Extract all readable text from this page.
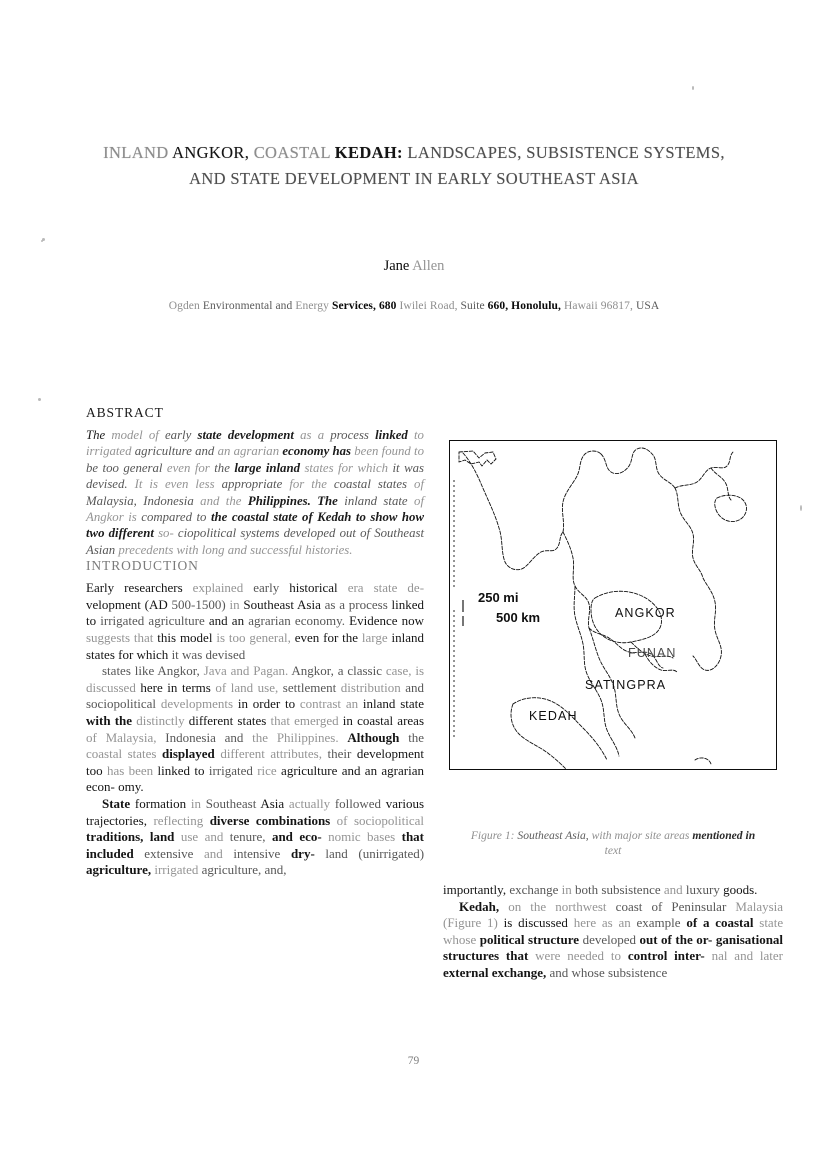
INLAND ANGKOR, COASTAL KEDAH: LANDSCAPES, SUBSISTENCE SYSTEMS,
AND STATE DEVELOPMENT IN EARLY SOUTHEAST ASIA
Jane Allen
Ogden Environmental and Energy Services, 680 Iwilei Road, Suite 660, Honolulu, Hawaii 96817, USA
ABSTRACT

The model of early state development as a process linked to irrigated agriculture and an agrarian economy has been found to be too general even for the large inland states for which it was devised. It is even less appropriate for the coastal states of Malaysia, Indonesia and the Philippines. The inland state of Angkor is compared to the coastal state of Kedah to show how two different so- ciopolitical systems developed out of Southeast Asian precedents with long and successful histories.

INTRODUCTION

Early researchers explained early historical era state de- velopment (AD 500-1500) in Southeast Asia as a process linked to irrigated agriculture and an agrarian economy. Evidence now suggests that this model is too general, even for the large inland states for which it was devised

states like Angkor, Java and Pagan. Angkor, a classic case, is discussed here in terms of land use, settlement distribution and sociopolitical developments in order to contrast an inland state with the distinctly different states that emerged in coastal areas of Malaysia, Indonesia and the Philippines. Although the coastal states displayed different attributes, their development too has been linked to irrigated rice agriculture and an agrarian econ- omy.

State formation in Southeast Asia actually followed various trajectories, reflecting diverse combinations of sociopolitical traditions, land use and tenure, and eco- nomic bases that included extensive and intensive dry- land (unirrigated) agriculture, irrigated agriculture, and,

250 mi
500 km	ANGKOR
FUNAN
SATINGPRA
KEDAH
Figure 1: Southeast Asia, with major site areas mentioned in
text

importantly, exchange in both subsistence and luxury goods.

Kedah, on the northwest coast of Peninsular Malaysia (Figure 1) is discussed here as an example of a coastal state whose political structure developed out of the or- ganisational structures that were needed to control inter- nal and later external exchange, and whose subsistence

79
